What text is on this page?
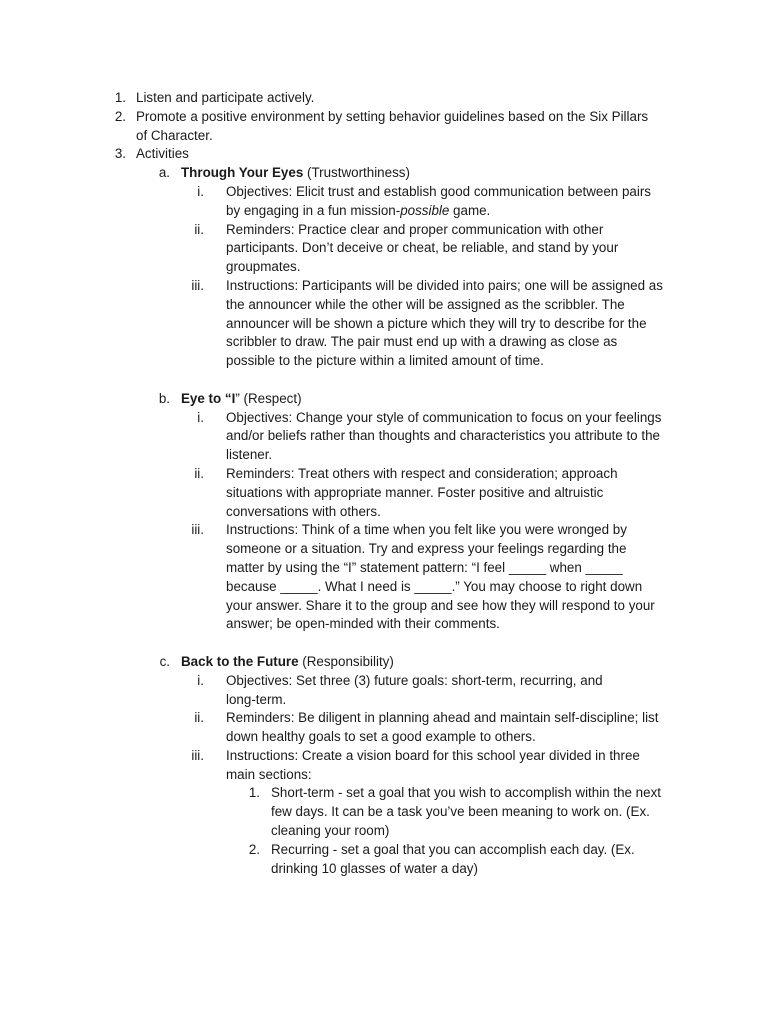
1. Listen and participate actively.
2. Promote a positive environment by setting behavior guidelines based on the Six Pillars
of Character.
3. Activities
a. Through Your Eyes (Trustworthiness)
i. Objectives: Elicit trust and establish good communication between pairs
by engaging in a fun mission-possible game.
ii. Reminders: Practice clear and proper communication with other
participants. Don’t deceive or cheat, be reliable, and stand by your
groupmates.
iii. Instructions: Participants will be divided into pairs; one will be assigned as
the announcer while the other will be assigned as the scribbler. The
announcer will be shown a picture which they will try to describe for the
scribbler to draw. The pair must end up with a drawing as close as
possible to the picture within a limited amount of time.
b. Eye to “I” (Respect)
i. Objectives: Change your style of communication to focus on your feelings
and/or beliefs rather than thoughts and characteristics you attribute to the
listener.
ii. Reminders: Treat others with respect and consideration; approach
situations with appropriate manner. Foster positive and altruistic
conversations with others.
iii. Instructions: Think of a time when you felt like you were wronged by
someone or a situation. Try and express your feelings regarding the
matter by using the “I” statement pattern: “I feel _____ when _____
because _____. What I need is _____.” You may choose to right down
your answer. Share it to the group and see how they will respond to your
answer; be open-minded with their comments.
c. Back to the Future (Responsibility)
i. Objectives: Set three (3) future goals: short-term, recurring, and
long-term.
ii. Reminders: Be diligent in planning ahead and maintain self-discipline; list
down healthy goals to set a good example to others.
iii. Instructions: Create a vision board for this school year divided in three
main sections:
1. Short-term - set a goal that you wish to accomplish within the next
few days. It can be a task you’ve been meaning to work on. (Ex.
cleaning your room)
2. Recurring - set a goal that you can accomplish each day. (Ex.
drinking 10 glasses of water a day)
